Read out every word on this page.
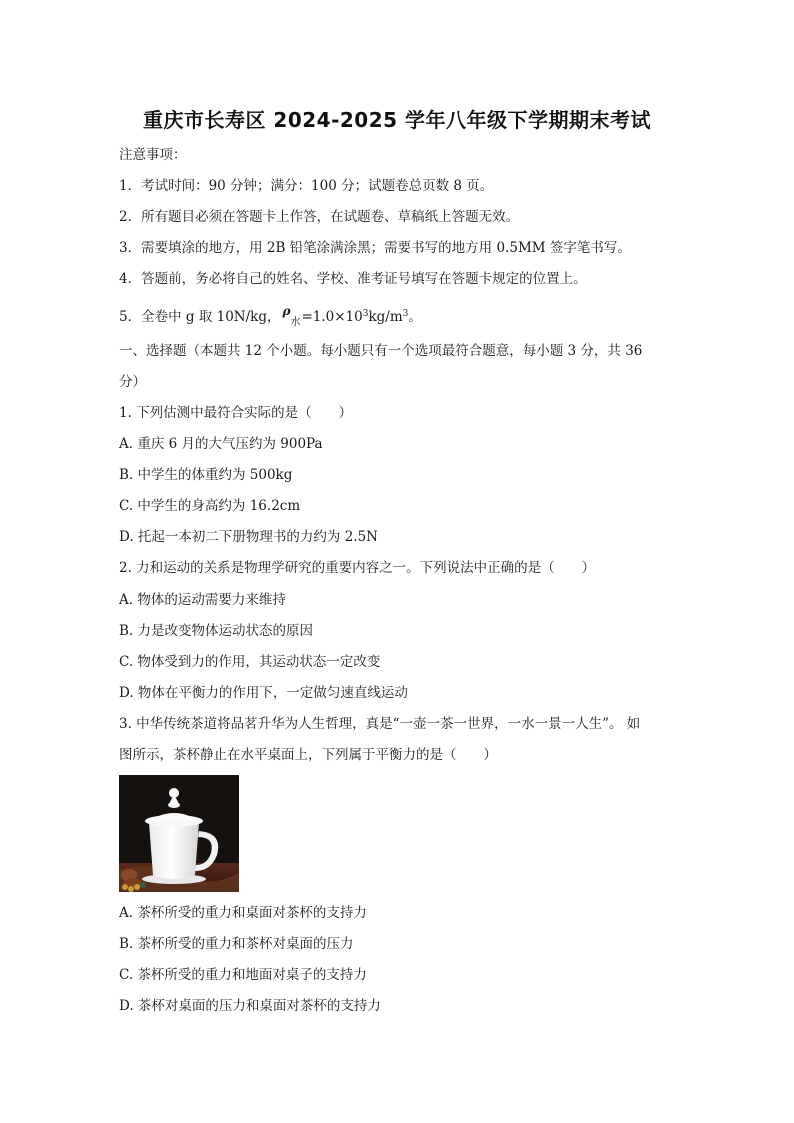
重庆市长寿区 2024-2025 学年八年级下学期期末考试
注意事项：
1．考试时间：90 分钟；满分：100 分；试题卷总页数 8 页。
2．所有题目必须在答题卡上作答，在试题卷、草稿纸上答题无效。
3．需要填涂的地方，用 2B 铅笔涂满涂黑；需要书写的地方用 0.5MM 签字笔书写。
4．答题前，务必将自己的姓名、学校、准考证号填写在答题卡规定的位置上。
5．全卷中 g 取 10N/kg， $\rho_水=1.0\times 10^3kg/m^3$。
一、选择题（本题共 12 个小题。每小题只有一个选项最符合题意，每小题 3 分，共 36
分）
1. 下列估测中最符合实际的是（　　）
A. 重庆 6 月的大气压约为 900Pa
B. 中学生的体重约为 500kg
C. 中学生的身高约为 16.2cm
D. 托起一本初二下册物理书的力约为 2.5N
2. 力和运动的关系是物理学研究的重要内容之一。下列说法中正确的是（　　）
A. 物体的运动需要力来维持
B. 力是改变物体运动状态的原因
C. 物体受到力的作用，其运动状态一定改变
D. 物体在平衡力的作用下，一定做匀速直线运动
3. 中华传统茶道将品茗升华为人生哲理，真是“一壶一茶一世界，一水一景一人生”。 如
图所示，茶杯静止在水平桌面上，下列属于平衡力的是（　　）
A. 茶杯所受的重力和桌面对茶杯的支持力
B. 茶杯所受的重力和茶杯对桌面的压力
C. 茶杯所受的重力和地面对桌子的支持力
D. 茶杯对桌面的压力和桌面对茶杯的支持力
